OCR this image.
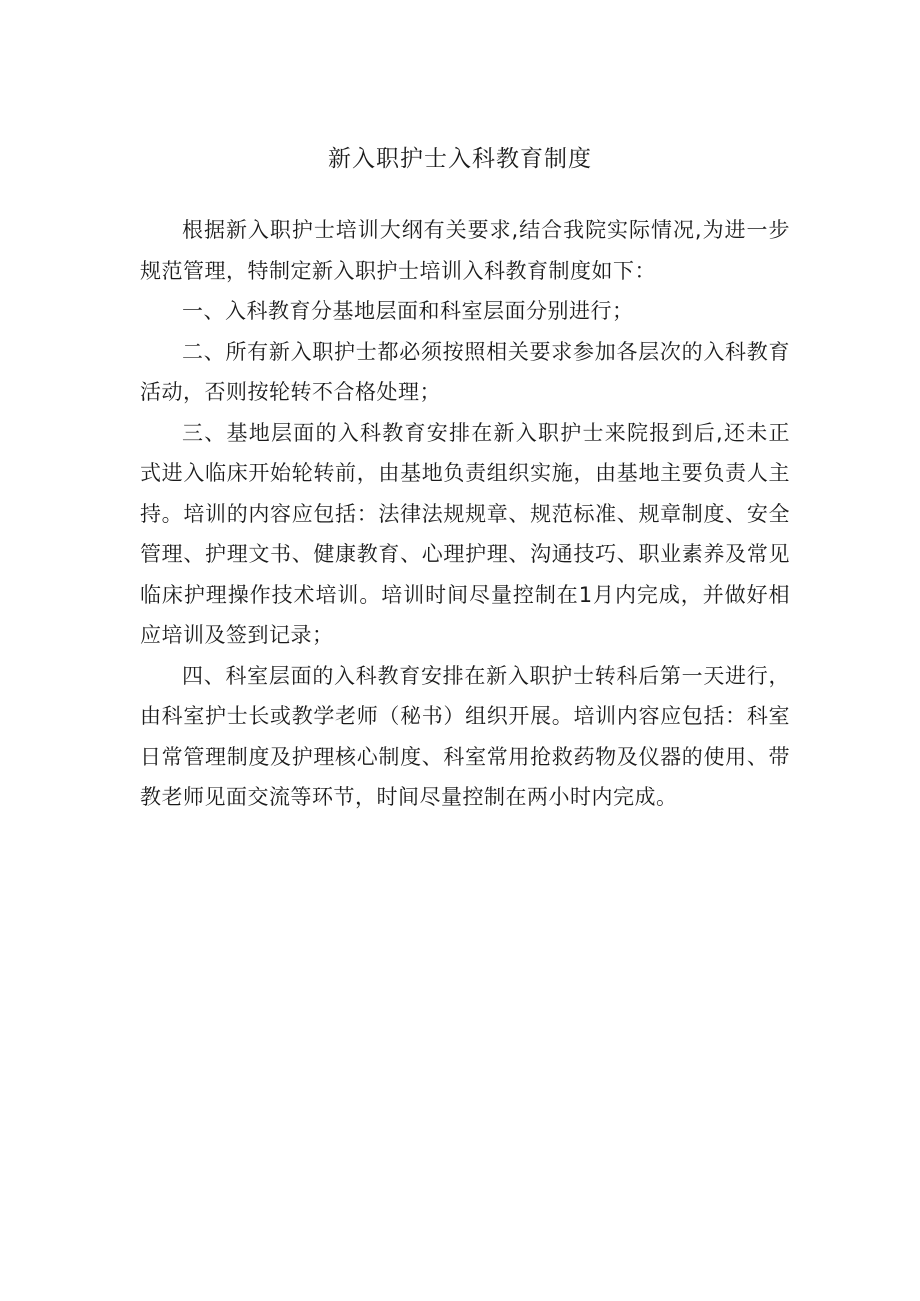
新入职护士入科教育制度

根据新入职护士培训大纲有关要求,结合我院实际情况,为进一步规范管理，特制定新入职护士培训入科教育制度如下：

一、入科教育分基地层面和科室层面分别进行；

二、所有新入职护士都必须按照相关要求参加各层次的入科教育活动，否则按轮转不合格处理；

三、基地层面的入科教育安排在新入职护士来院报到后,还未正式进入临床开始轮转前，由基地负责组织实施，由基地主要负责人主持。培训的内容应包括：法律法规规章、规范标准、规章制度、安全管理、护理文书、健康教育、心理护理、沟通技巧、职业素养及常见临床护理操作技术培训。培训时间尽量控制在1月内完成，并做好相应培训及签到记录；

四、科室层面的入科教育安排在新入职护士转科后第一天进行，由科室护士长或教学老师（秘书）组织开展。培训内容应包括：科室日常管理制度及护理核心制度、科室常用抢救药物及仪器的使用、带教老师见面交流等环节，时间尽量控制在两小时内完成。
